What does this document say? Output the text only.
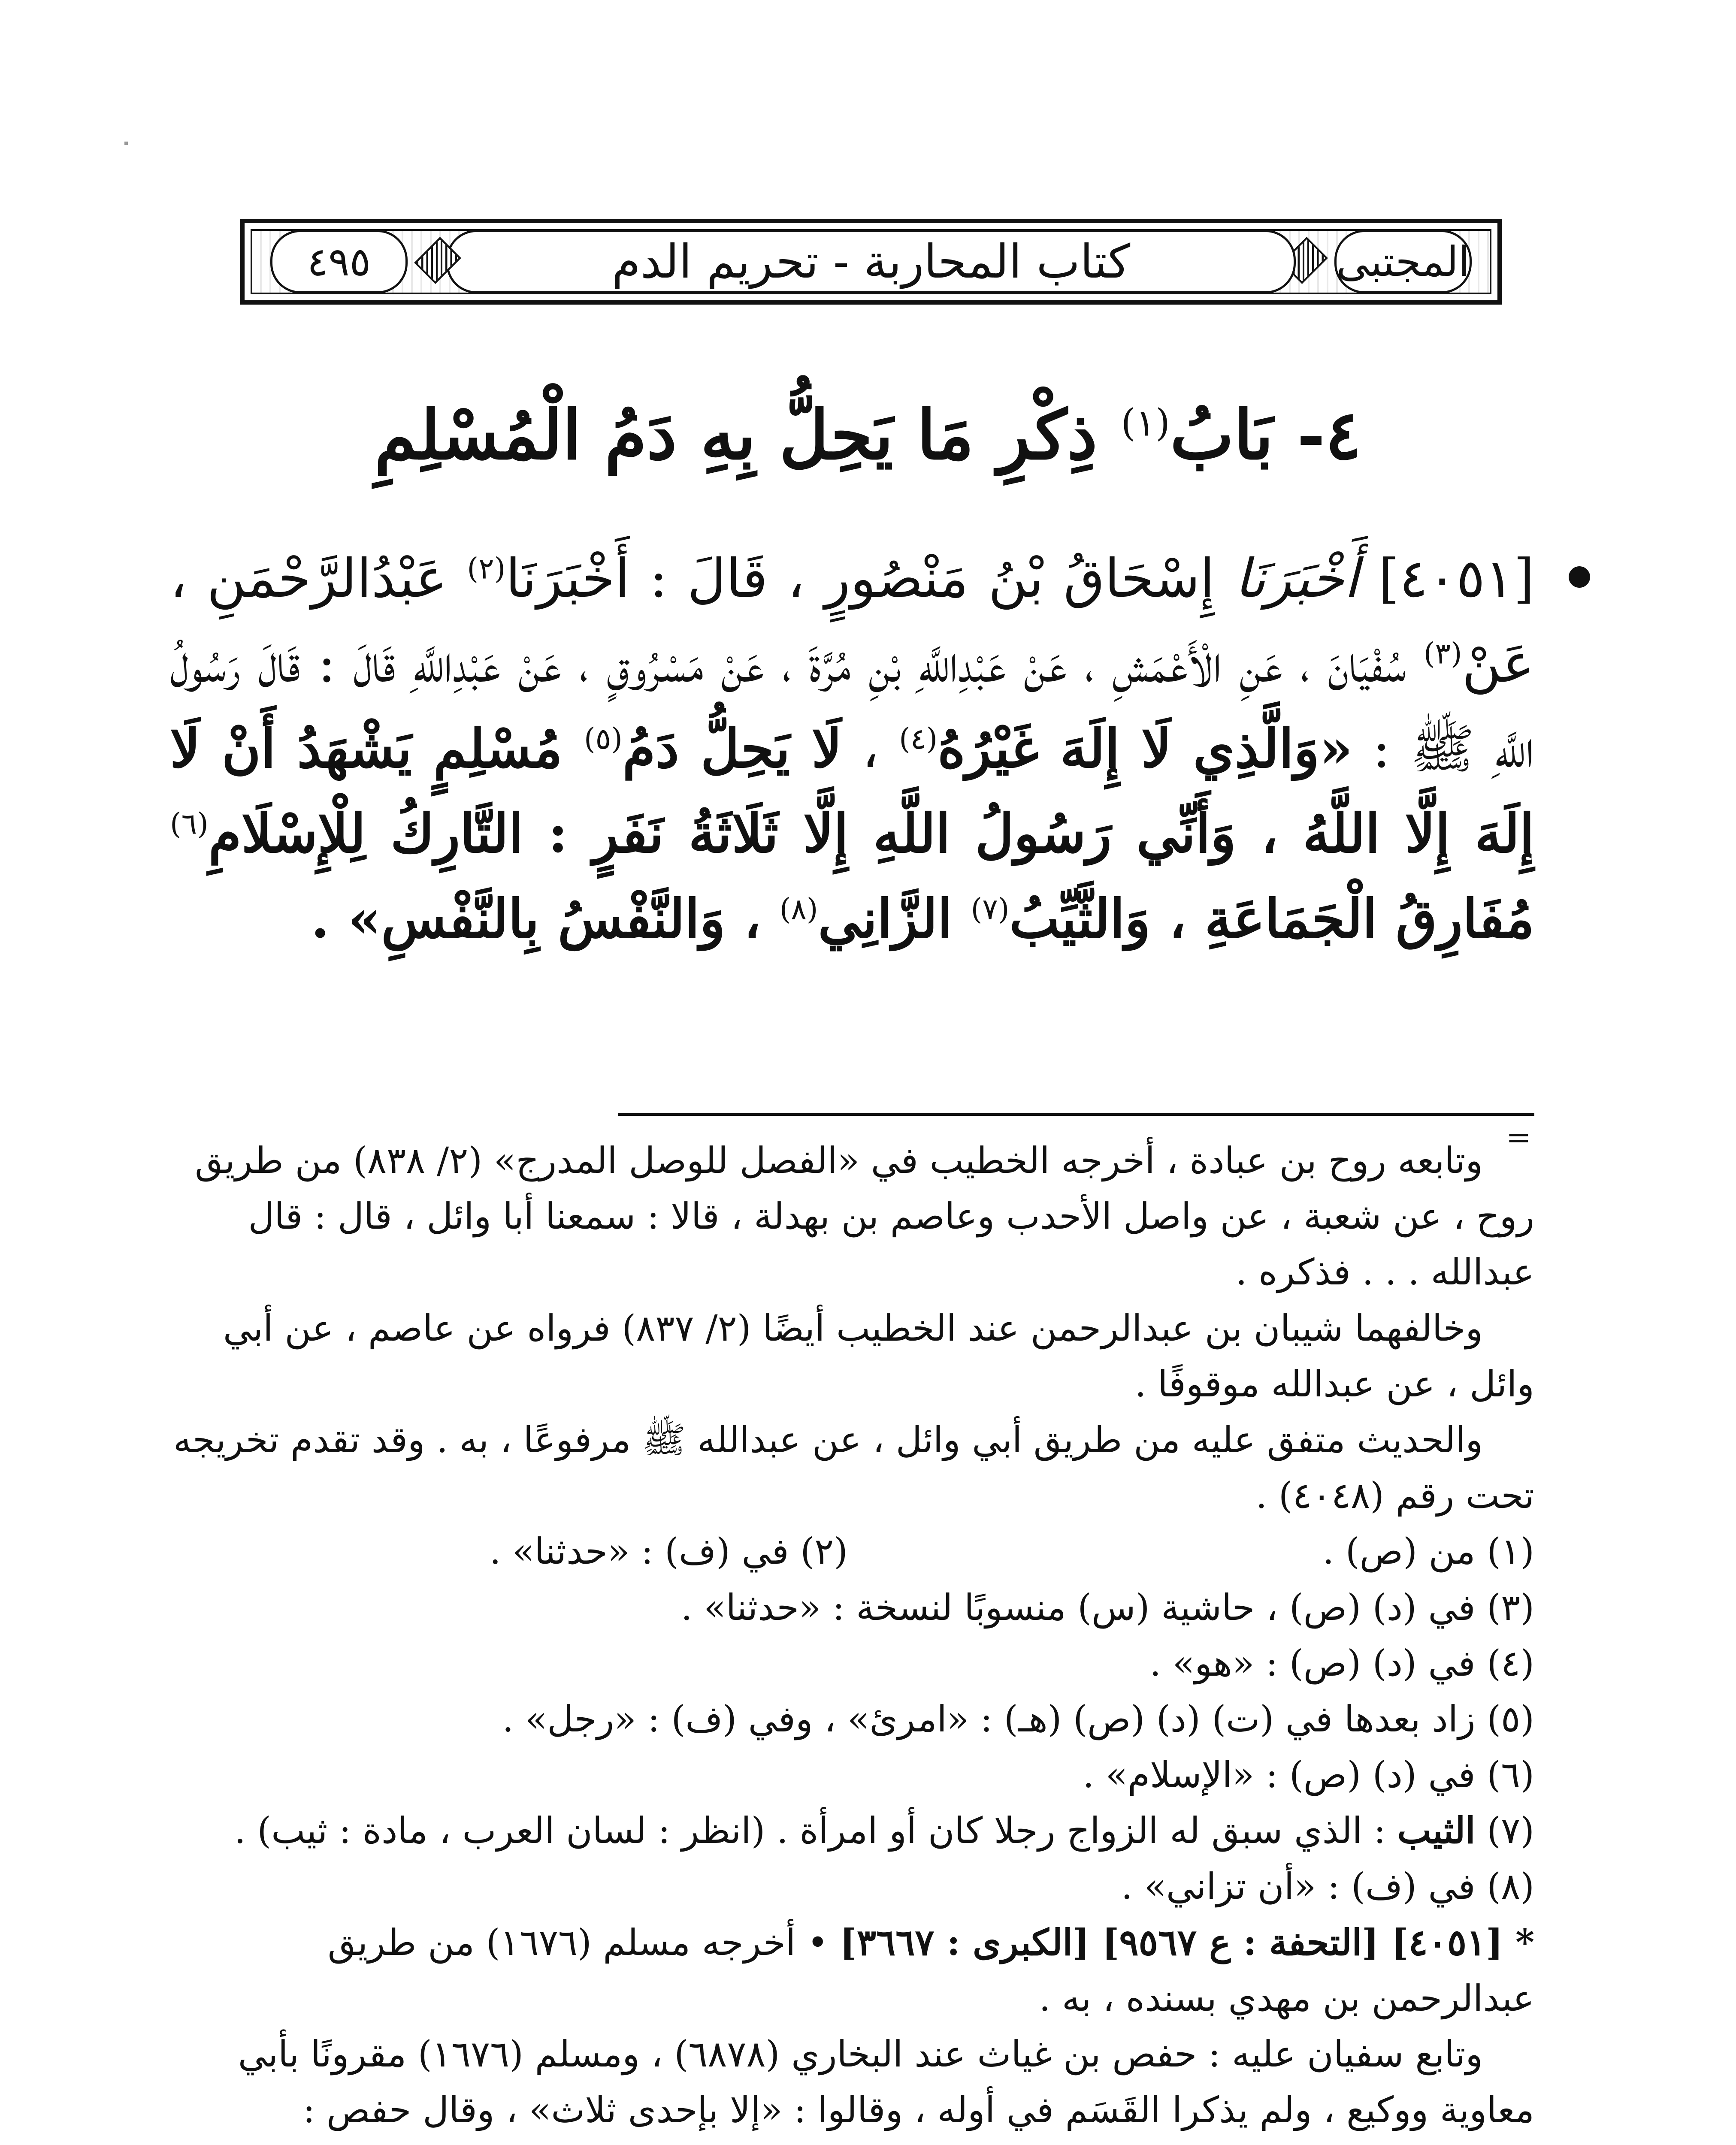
المجتبى
كتاب المحاربة - تحريم الدم
٤٩٥
٤- بَابُ$^{(١)}$ ذِكْرِ مَا يَحِلُّ بِهِ دَمُ الْمُسْلِمِ
[٤٠٥١] أَخْبَرَنَا إِسْحَاقُ بْنُ مَنْصُورٍ ، قَالَ : أَخْبَرَنَا$^{(٢)}$ عَبْدُالرَّحْمَنِ ، عَنْ$^{(٣)}$ سُفْيَانَ ، عَنِ الْأَعْمَشِ ، عَنْ عَبْدِاللَّهِ بْنِ مُرَّةَ ، عَنْ مَسْرُوقٍ ، عَنْ عَبْدِاللَّهِ قَالَ : قَالَ رَسُولُ اللَّهِ ﷺ : «وَالَّذِي لَا إِلَهَ غَيْرُهُ$^{(٤)}$ ، لَا يَحِلُّ دَمُ$^{(٥)}$ مُسْلِمٍ يَشْهَدُ أَنْ لَا إِلَهَ إِلَّا اللَّهُ ، وَأَنِّي رَسُولُ اللَّهِ إِلَّا ثَلَاثَةُ نَفَرٍ : التَّارِكُ لِلْإِسْلَامِ$^{(٦)}$ مُفَارِقُ الْجَمَاعَةِ ، وَالثَّيِّبُ$^{(٧)}$ الزَّانِي$^{(٨)}$ ، وَالنَّفْسُ بِالنَّفْسِ» .
=

وتابعه روح بن عبادة ، أخرجه الخطيب في «الفصل للوصل المدرج» (٢/ ٨٣٨) من طريق روح ، عن شعبة ، عن واصل الأحدب وعاصم بن بهدلة ، قالا : سمعنا أبا وائل ، قال : قال عبدالله . . . فذكره .

وخالفهما شيبان بن عبدالرحمن عند الخطيب أيضًا (٢/ ٨٣٧) فرواه عن عاصم ، عن أبي وائل ، عن عبدالله موقوفًا .

والحديث متفق عليه من طريق أبي وائل ، عن عبدالله ﷺ مرفوعًا ، به . وقد تقدم تخريجه تحت رقم (٤٠٤٨) .

(١) من (ص) .
(٢) في (ف) : «حدثنا» .

(٣) في (د) (ص) ، حاشية (س) منسوبًا لنسخة : «حدثنا» .

(٤) في (د) (ص) : «هو» .

(٥) زاد بعدها في (ت) (د) (ص) (هـ) : «امرئ» ، وفي (ف) : «رجل» .

(٦) في (د) (ص) : «الإسلام» .

(٧) الثيب : الذي سبق له الزواج رجلا كان أو امرأة . (انظر : لسان العرب ، مادة : ثيب) .

(٨) في (ف) : «أن تزاني» .

* [٤٠٥١] [التحفة : ع ٩٥٦٧] [الكبرى : ٣٦٦٧] • أخرجه مسلم (١٦٧٦) من طريق عبدالرحمن بن مهدي بسنده ، به .

وتابع سفيان عليه : حفص بن غياث عند البخاري (٦٨٧٨) ، ومسلم (١٦٧٦) مقرونًا بأبي معاوية ووكيع ، ولم يذكرا القَسَم في أوله ، وقالوا : «إلا بإحدى ثلاث» ، وقال حفص :
